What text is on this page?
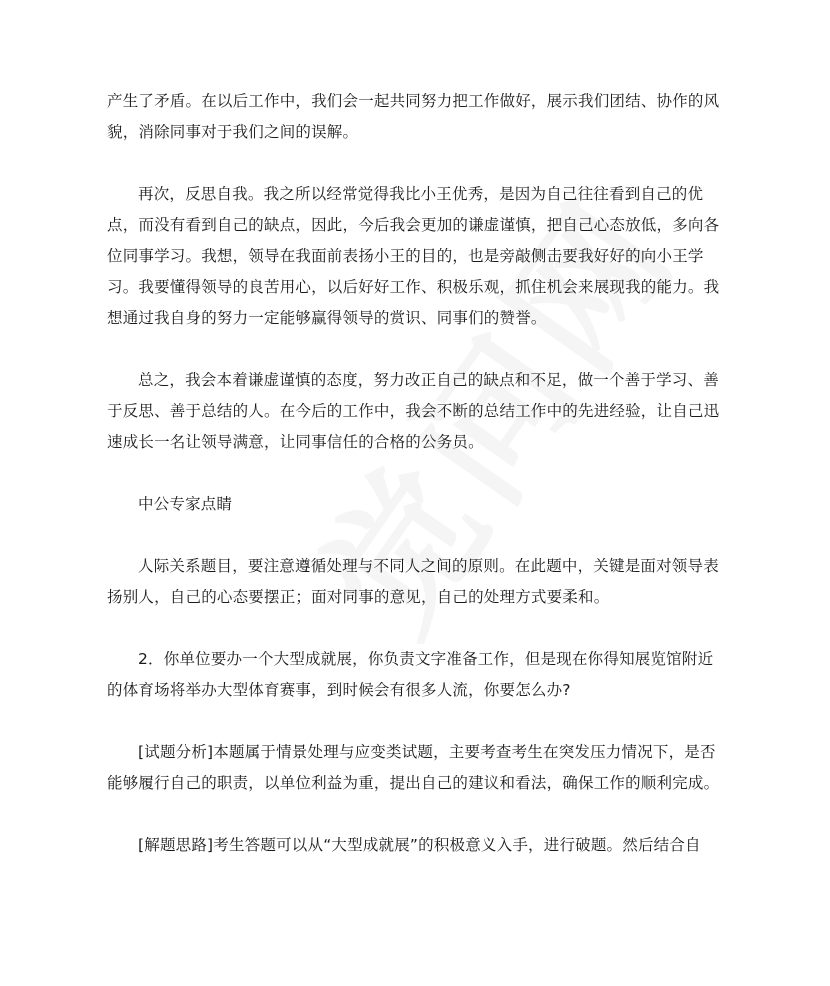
产生了矛盾。在以后工作中，我们会一起共同努力把工作做好，展示我们团结、协作的风貌，消除同事对于我们之间的误解。

再次，反思自我。我之所以经常觉得我比小王优秀，是因为自己往往看到自己的优点，而没有看到自己的缺点，因此，今后我会更加的谦虚谨慎，把自己心态放低，多向各位同事学习。我想，领导在我面前表扬小王的目的，也是旁敲侧击要我好好的向小王学习。我要懂得领导的良苦用心，以后好好工作、积极乐观，抓住机会来展现我的能力。我想通过我自身的努力一定能够赢得领导的赏识、同事们的赞誉。

总之，我会本着谦虚谨慎的态度，努力改正自己的缺点和不足，做一个善于学习、善于反思、善于总结的人。在今后的工作中，我会不断的总结工作中的先进经验，让自己迅速成长一名让领导满意，让同事信任的合格的公务员。

中公专家点睛

人际关系题目，要注意遵循处理与不同人之间的原则。在此题中，关键是面对领导表扬别人，自己的心态要摆正；面对同事的意见，自己的处理方式要柔和。

2．你单位要办一个大型成就展，你负责文字准备工作，但是现在你得知展览馆附近的体育场将举办大型体育赛事，到时候会有很多人流，你要怎么办?

[试题分析]本题属于情景处理与应变类试题，主要考查考生在突发压力情况下，是否能够履行自己的职责，以单位利益为重，提出自己的建议和看法，确保工作的顺利完成。

[解题思路]考生答题可以从“大型成就展”的积极意义入手，进行破题。然后结合自
